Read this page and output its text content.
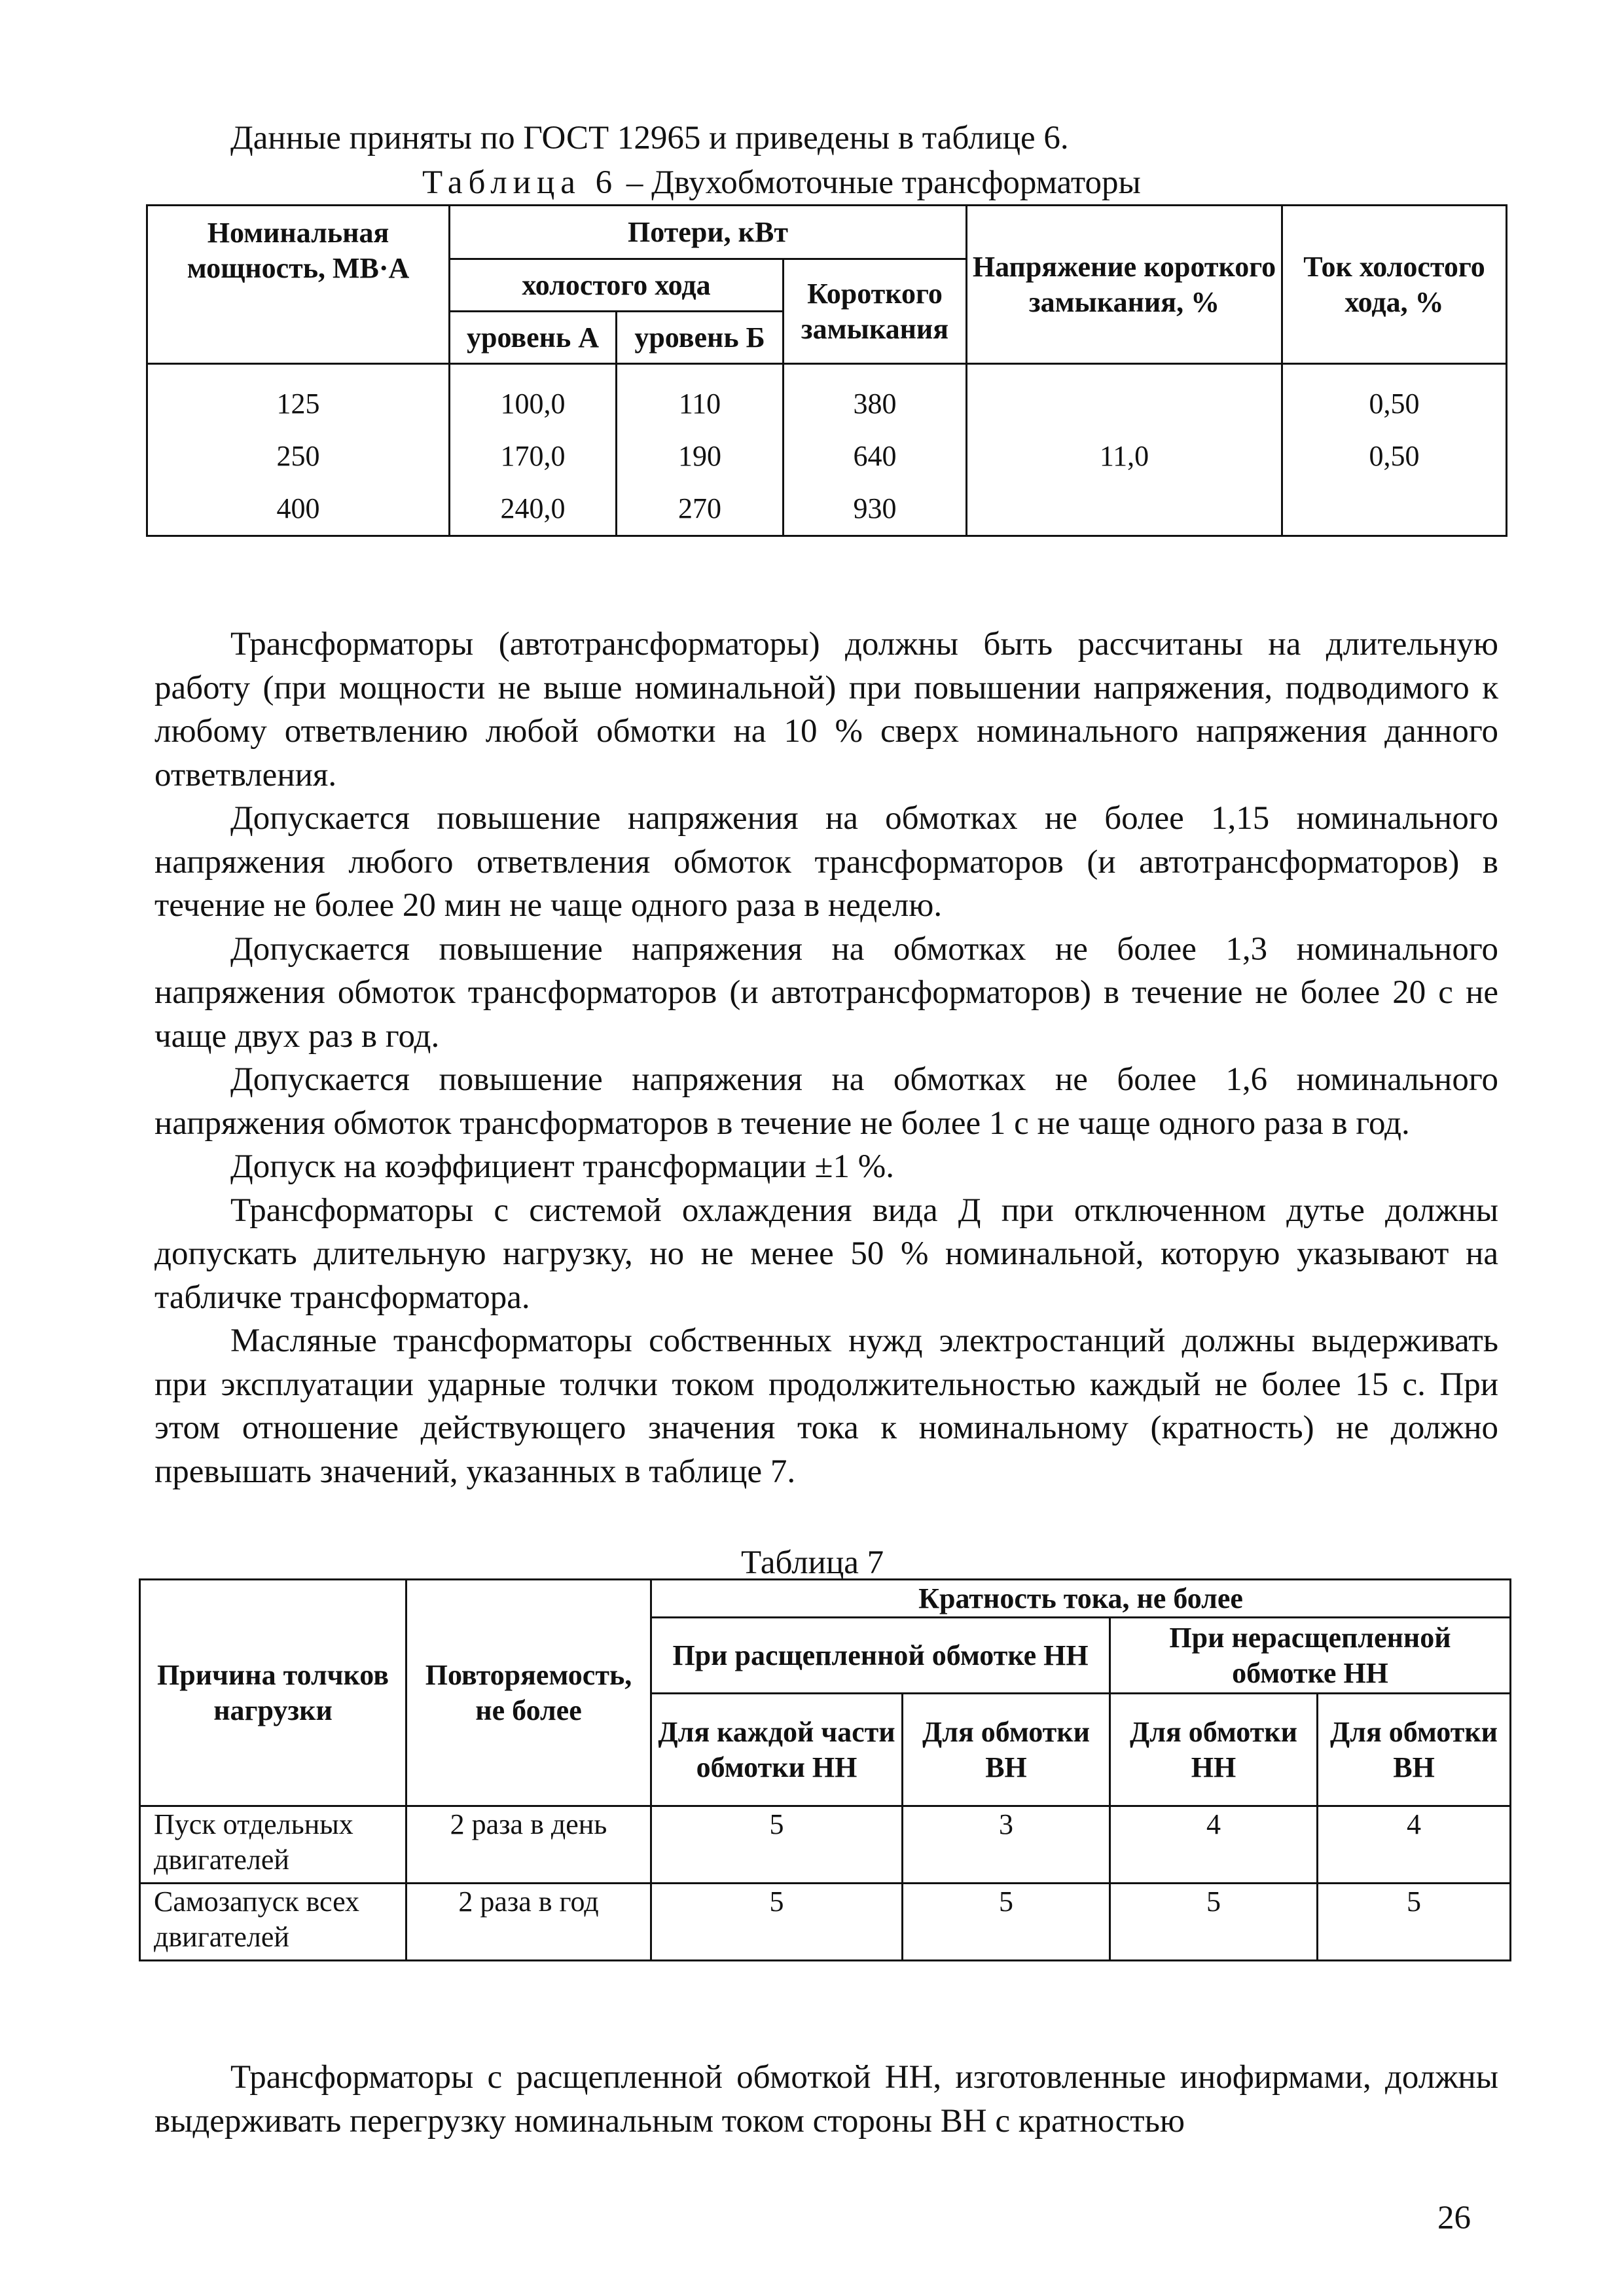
Данные приняты по ГОСТ 12965 и приведены в таблице 6.
Таблица 6 – Двухобмоточные трансформаторы
Номинальная мощность, МВ·А	Потери, кВт			Напряжение короткого замыкания, %	Ток холостого хода, %
	холостого хода		Короткого замыкания		
	уровень А	уровень Б			
125	100,0	110	380	11,0	0,50
250	170,0	190	640		0,50
400	240,0	270	930		

Трансформаторы (автотрансформаторы) должны быть рассчитаны на длительную работу (при мощности не выше номинальной) при повышении напряжения, подводимого к любому ответвлению любой обмотки на 10 % сверх номинального напряжения данного ответвления.

Допускается повышение напряжения на обмотках не более 1,15 номинального напряжения любого ответвления обмоток трансформаторов (и автотрансформаторов) в течение не более 20 мин не чаще одного раза в неделю.

Допускается повышение напряжения на обмотках не более 1,3 номинального напряжения обмоток трансформаторов (и автотрансформаторов) в течение не более 20 с не чаще двух раз в год.

Допускается повышение напряжения на обмотках не более 1,6 номинального напряжения обмоток трансформаторов в течение не более 1 с не чаще одного раза в год.

Допуск на коэффициент трансформации ±1 %.

Трансформаторы с системой охлаждения вида Д при отключенном дутье должны допускать длительную нагрузку, но не менее 50 % номинальной, которую указывают на табличке трансформатора.

Масляные трансформаторы собственных нужд электростанций должны выдерживать при эксплуатации ударные толчки током продолжительностью каждый не более 15 с. При этом отношение действующего значения тока к номинальному (кратность) не должно превышать значений, указанных в таблице 7.

Таблица 7
Причина толчков нагрузки	Повторяемость, не более	Кратность тока, не более			
		При расщепленной обмотке НН		При нерасщепленной обмотке НН	
		Для каждой части обмотки НН	Для обмотки ВН	Для обмотки НН	Для обмотки ВН
Пуск отдельных двигателей	2 раза в день	5	3	4	4
Самозапуск всех двигателей	2 раза в год	5	5	5	5

Трансформаторы с расщепленной обмоткой НН, изготовленные инофирмами, должны выдерживать перегрузку номинальным током стороны ВН с кратностью

26
